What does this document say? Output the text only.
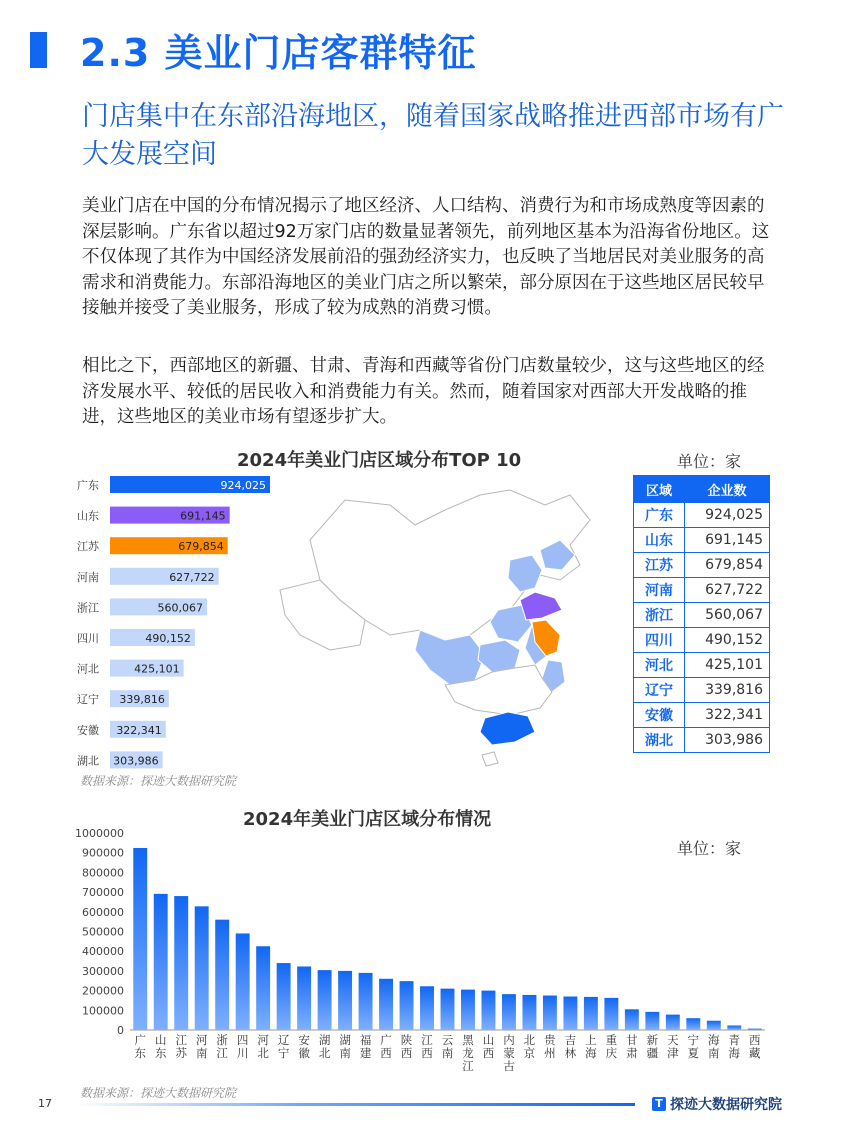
2.3 美业门店客群特征
门店集中在东部沿海地区，随着国家战略推进西部市场有广大发展空间
美业门店在中国的分布情况揭示了地区经济、人口结构、消费行为和市场成熟度等因素的深层影响。广东省以超过92万家门店的数量显著领先，前列地区基本为沿海省份地区。这不仅体现了其作为中国经济发展前沿的强劲经济实力，也反映了当地居民对美业服务的高需求和消费能力。东部沿海地区的美业门店之所以繁荣，部分原因在于这些地区居民较早接触并接受了美业服务，形成了较为成熟的消费习惯。
相比之下，西部地区的新疆、甘肃、青海和西藏等省份门店数量较少，这与这些地区的经济发展水平、较低的居民收入和消费能力有关。然而，随着国家对西部大开发战略的推进，这些地区的美业市场有望逐步扩大。
2024年美业门店区域分布TOP 10	单位：家
广东	924,025
山东	691,145
江苏	679,854
河南	627,722
浙江	560,067
四川	490,152
河北	425,101
辽宁 339,816
安徽 322,341
湖北 303,986
区域	企业数
广东	924,025
山东	691,145
江苏	679,854
河南	627,722
浙江	560,067
四川	490,152
河北	425,101
辽宁	339,816
安徽	322,341
湖北	303,986
数据来源：探迹大数据研究院
2024年美业门店区域分布情况
单位：家
0
100000
200000
300000
400000
500000
600000
700000
800000
900000
1000000
广东
山东
江苏
河南
浙江
四川
河北
辽宁
安徽
湖北
湖南
福建
广西
陕西
江西
云南
黑龙江
山西
内蒙古
北京
贵州
吉林
上海
重庆
甘肃
新疆
天津
宁夏
海南
青海
西藏
数据来源：探迹大数据研究院
17	T 探迹大数据研究院
